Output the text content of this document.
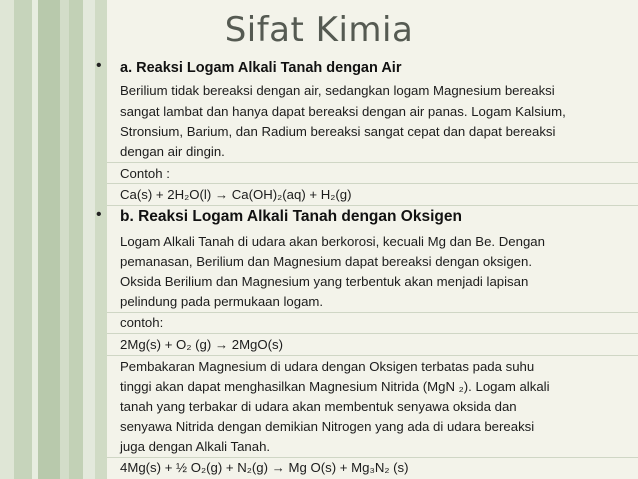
Sifat Kimia
• a. Reaksi Logam Alkali Tanah dengan Air
Berilium tidak bereaksi dengan air, sedangkan logam Magnesium bereaksi
sangat lambat dan hanya dapat bereaksi dengan air panas. Logam Kalsium,
Stronsium, Barium, dan Radium bereaksi sangat cepat dan dapat bereaksi
dengan air dingin.
Contoh :
Ca(s) + 2H₂O(l) → Ca(OH)₂(aq) + H₂(g)
• b. Reaksi Logam Alkali Tanah dengan Oksigen
Logam Alkali Tanah di udara akan berkorosi, kecuali Mg dan Be. Dengan
pemanasan, Berilium dan Magnesium dapat bereaksi dengan oksigen.
Oksida Berilium dan Magnesium yang terbentuk akan menjadi lapisan
pelindung pada permukaan logam.
contoh:
2Mg(s) + O₂ (g) → 2MgO(s)
Pembakaran Magnesium di udara dengan Oksigen terbatas pada suhu
tinggi akan dapat menghasilkan Magnesium Nitrida (MgN ₂). Logam alkali
tanah yang terbakar di udara akan membentuk senyawa oksida dan
senyawa Nitrida dengan demikian Nitrogen yang ada di udara bereaksi
juga dengan Alkali Tanah.
4Mg(s) + ½ O₂(g) + N₂(g) → Mg O(s) + Mg₃N₂ (s)
